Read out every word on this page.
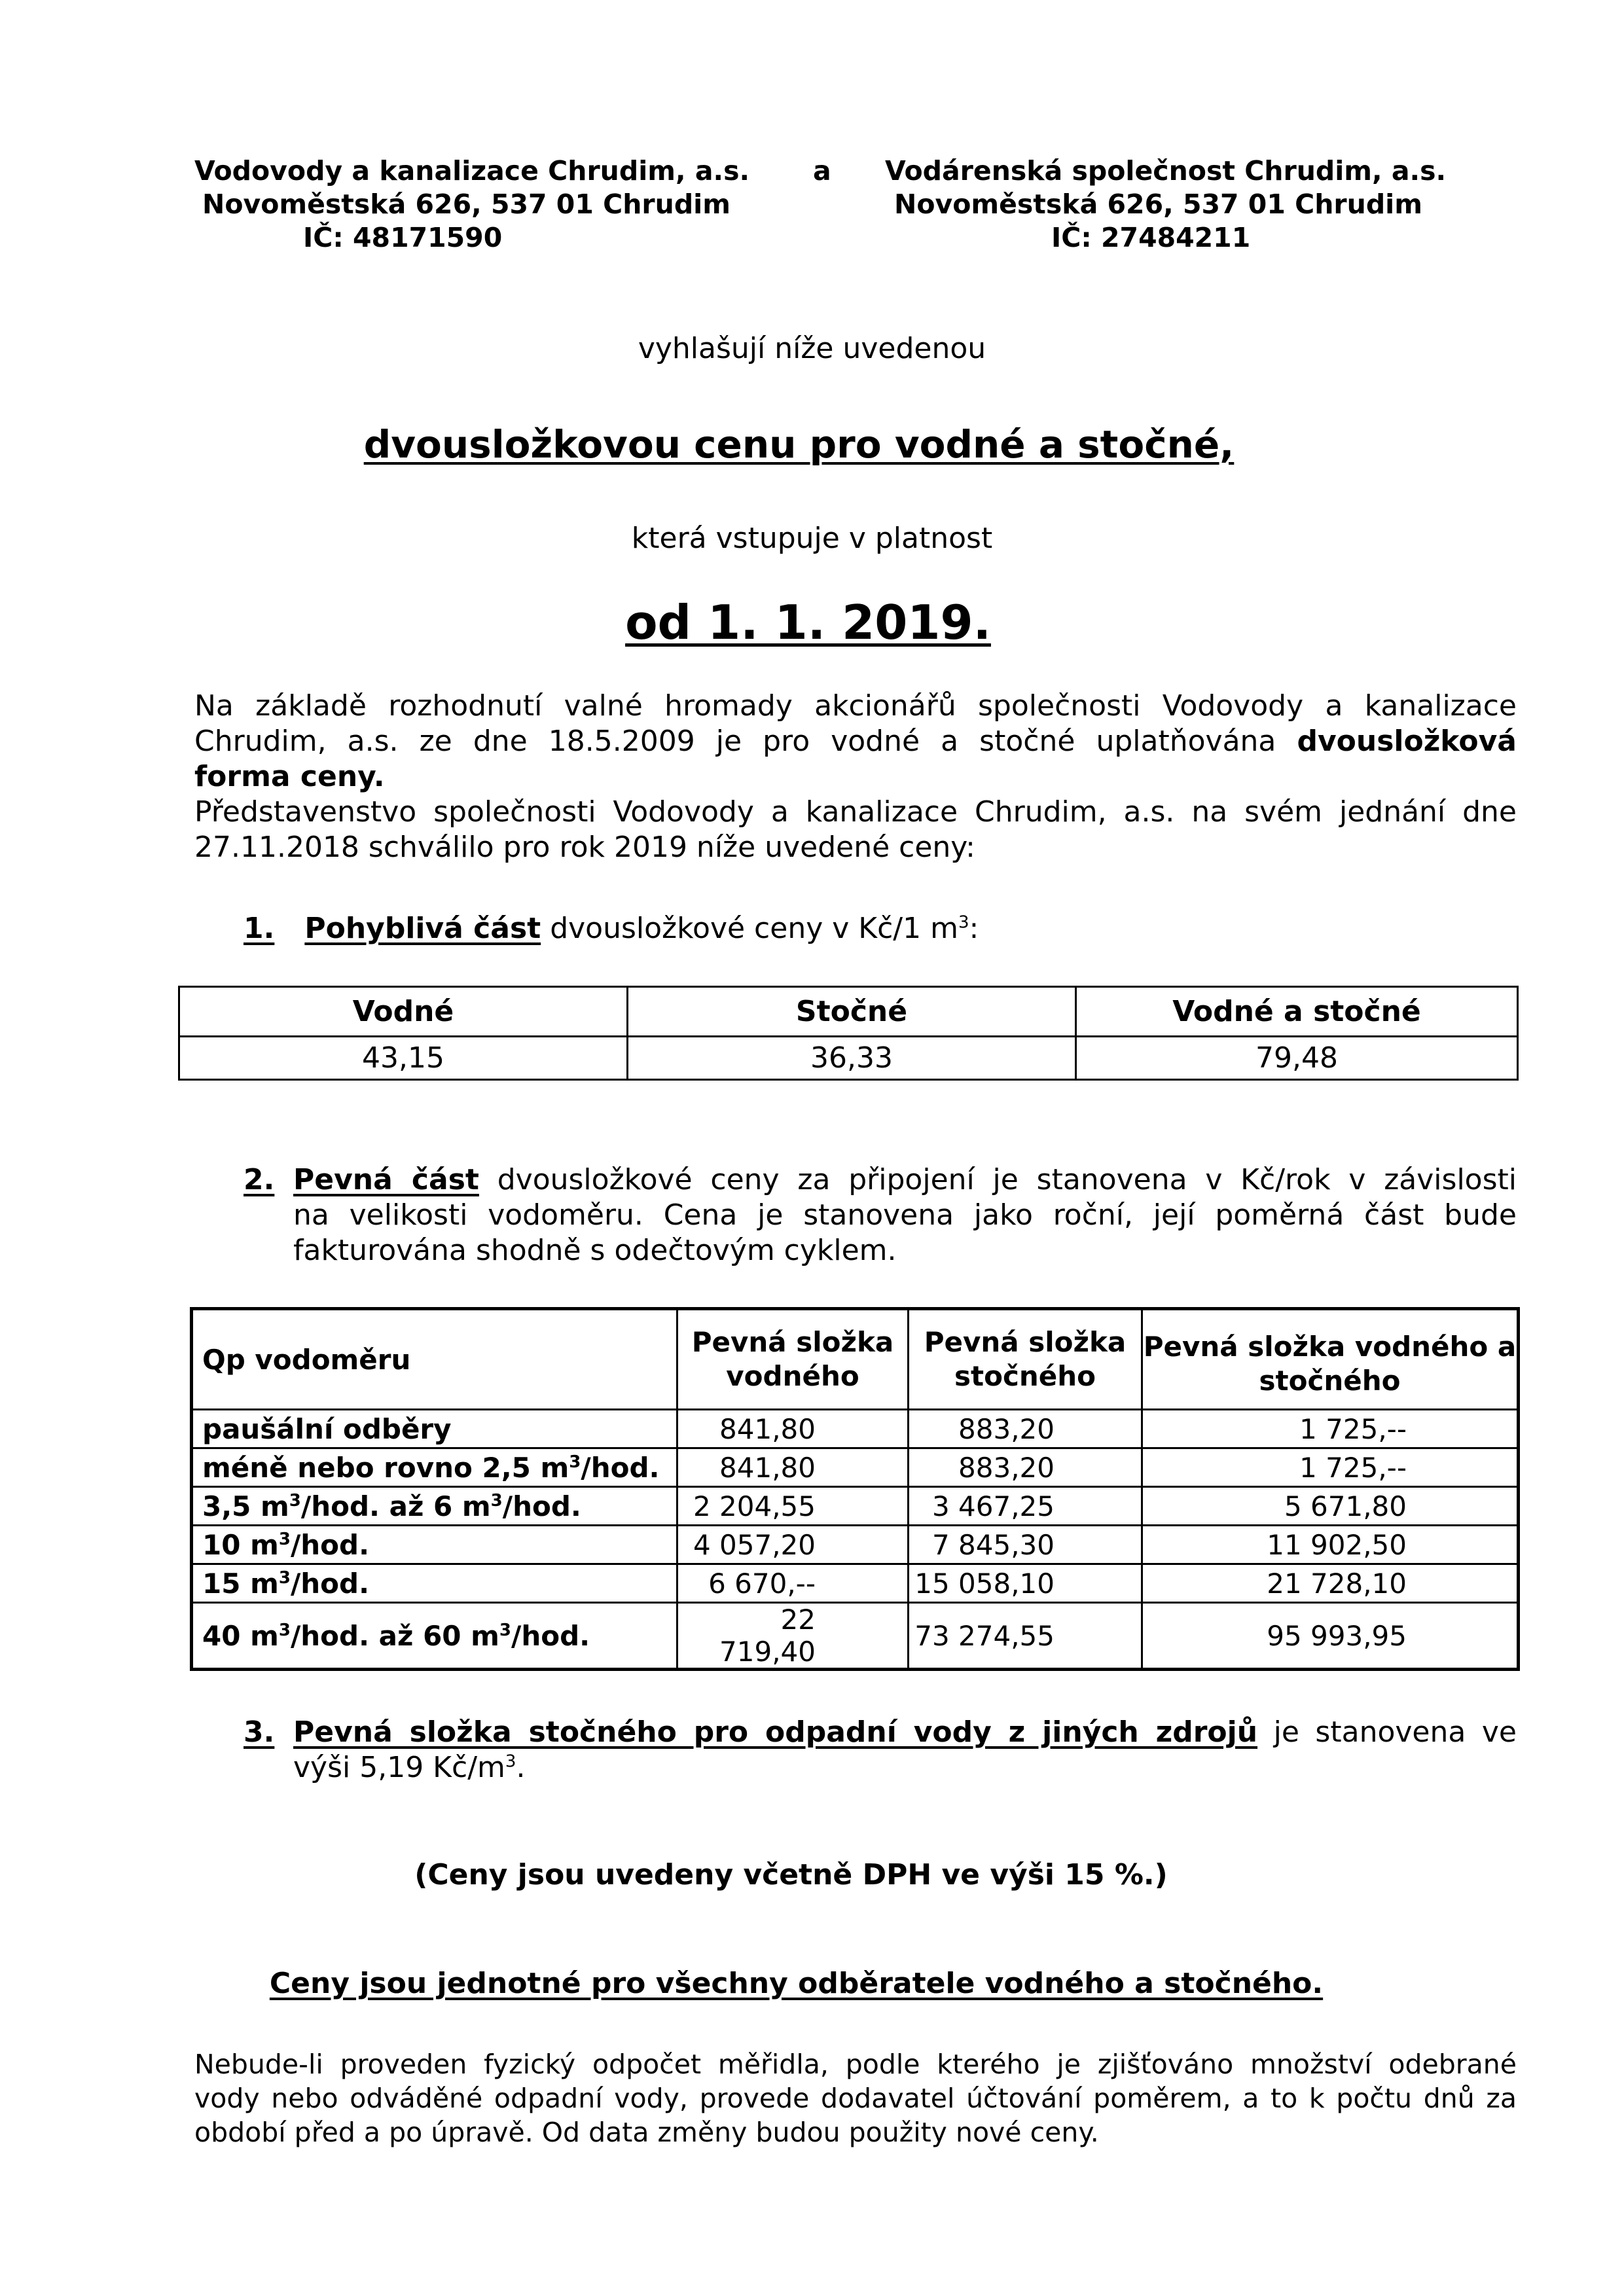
Vodovody a kanalizace Chrudim, a.s.
Novoměstská 626, 537 01 Chrudim
IČ: 48171590
a Vodárenská společnost Chrudim, a.s.
Novoměstská 626, 537 01 Chrudim
IČ: 27484211
vyhlašují níže uvedenou
dvousložkovou cenu pro vodné a stočné,
která vstupuje v platnost
od 1. 1. 2019.
Na základě rozhodnutí valné hromady akcionářů společnosti Vodovody a kanalizace
Chrudim, a.s. ze dne 18.5.2009 je pro vodné a stočné uplatňována dvousložková
forma ceny.
Představenstvo společnosti Vodovody a kanalizace Chrudim, a.s. na svém jednání dne
27.11.2018 schválilo pro rok 2019 níže uvedené ceny:
1. Pohyblivá část dvousložkové ceny v Kč/1 $m^3$:
Vodné	Stočné	Vodné a stočné
43,15	36,33	79,48
2. Pevná část dvousložkové ceny za připojení je stanovena v Kč/rok v závislosti
na velikosti vodoměru. Cena je stanovena jako roční, její poměrná část bude
fakturována shodně s odečtovým cyklem.
Qp vodoměru	Pevná složka vodného	Pevná složka stočného	Pevná složka vodného a stočného
paušální odběry	841,80	883,20	1 725,--
méně nebo rovno 2,5 $m^3$/hod.	841,80	883,20	1 725,--
3,5 $m^3$/hod. až 6 $m^3$/hod.	2 204,55	3 467,25	5 671,80
10 $m^3$/hod.	4 057,20	7 845,30	11 902,50
15 $m^3$/hod.	6 670,--	15 058,10	21 728,10
40 $m^3$/hod. až 60 $m^3$/hod.	22 719,40	73 274,55	95 993,95
3. Pevná složka stočného pro odpadní vody z jiných zdrojů je stanovena ve
výši 5,19 $Kč/m^3$.
(Ceny jsou uvedeny včetně DPH ve výši 15 %.)
Ceny jsou jednotné pro všechny odběratele vodného a stočného.
Nebude-li proveden fyzický odpočet měřidla, podle kterého je zjišťováno množství odebrané
vody nebo odváděné odpadní vody, provede dodavatel účtování poměrem, a to k počtu dnů za
období před a po úpravě. Od data změny budou použity nové ceny.
